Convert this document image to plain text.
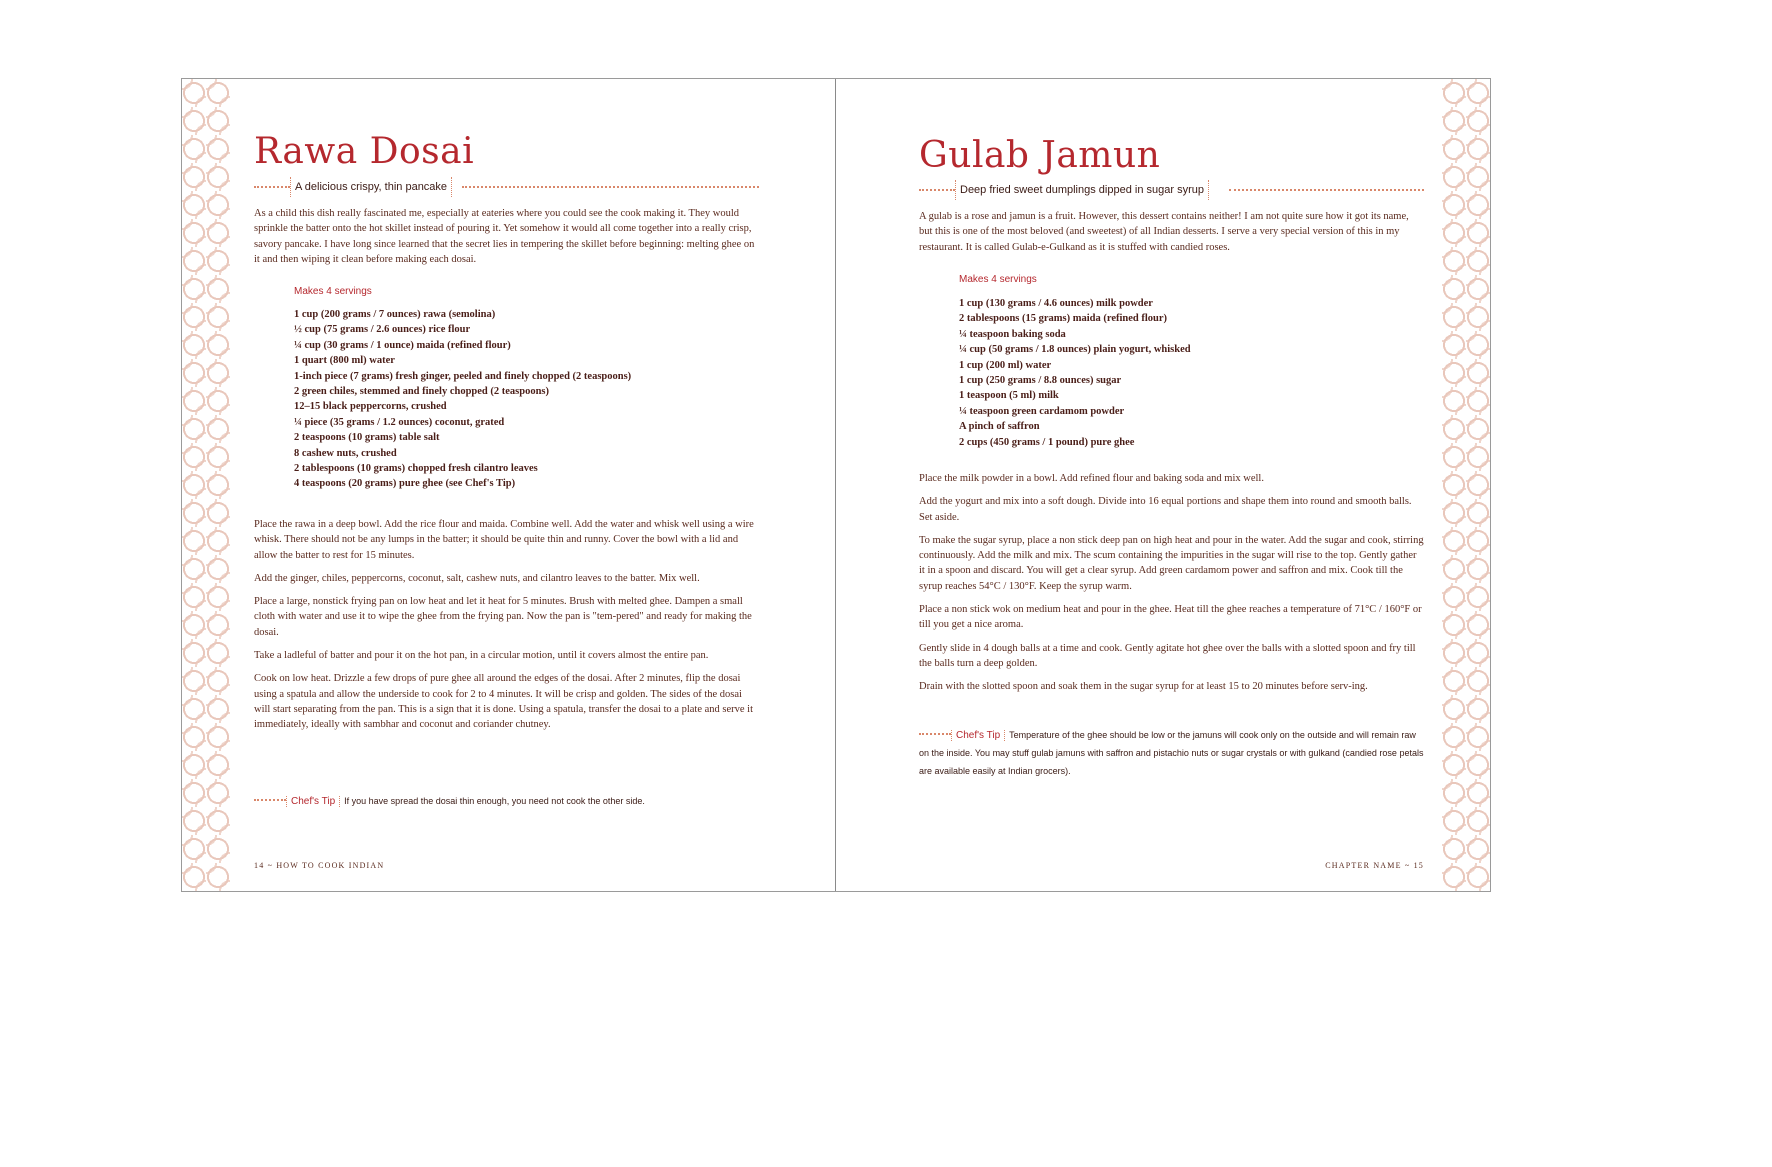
Rawa Dosai
A delicious crispy, thin pancake

As a child this dish really fascinated me, especially at eateries where you could see the cook making it. They would sprinkle the batter onto the hot skillet instead of pouring it. Yet somehow it would all come together into a really crisp, savory pancake. I have long since learned that the secret lies in tempering the skillet before beginning: melting ghee on it and then wiping it clean before making each dosai.

Makes 4 servings
1 cup (200 grams / 7 ounces) rawa (semolina)
½ cup (75 grams / 2.6 ounces) rice flour
¼ cup (30 grams / 1 ounce) maida (refined flour)
1 quart (800 ml) water
1-inch piece (7 grams) fresh ginger, peeled and finely chopped (2 teaspoons)
2 green chiles, stemmed and finely chopped (2 teaspoons)
12–15 black peppercorns, crushed
¼ piece (35 grams / 1.2 ounces) coconut, grated
2 teaspoons (10 grams) table salt
8 cashew nuts, crushed
2 tablespoons (10 grams) chopped fresh cilantro leaves
4 teaspoons (20 grams) pure ghee (see Chef's Tip)

Place the rawa in a deep bowl. Add the rice flour and maida. Combine well. Add the water and whisk well using a wire whisk. There should not be any lumps in the batter; it should be quite thin and runny. Cover the bowl with a lid and allow the batter to rest for 15 minutes.

Add the ginger, chiles, peppercorns, coconut, salt, cashew nuts, and cilantro leaves to the batter. Mix well.

Place a large, nonstick frying pan on low heat and let it heat for 5 minutes. Brush with melted ghee. Dampen a small cloth with water and use it to wipe the ghee from the frying pan. Now the pan is "tem-pered" and ready for making the dosai.

Take a ladleful of batter and pour it on the hot pan, in a circular motion, until it covers almost the entire pan.

Cook on low heat. Drizzle a few drops of pure ghee all around the edges of the dosai. After 2 minutes, flip the dosai using a spatula and allow the underside to cook for 2 to 4 minutes. It will be crisp and golden. The sides of the dosai will start separating from the pan. This is a sign that it is done. Using a spatula, transfer the dosai to a plate and serve it immediately, ideally with sambhar and coconut and coriander chutney.

Chef's Tip If you have spread the dosai thin enough, you need not cook the other side.
14 ~ HOW TO COOK INDIAN
Gulab Jamun
Deep fried sweet dumplings dipped in sugar syrup

A gulab is a rose and jamun is a fruit. However, this dessert contains neither! I am not quite sure how it got its name, but this is one of the most beloved (and sweetest) of all Indian desserts. I serve a very special version of this in my restaurant. It is called Gulab-e-Gulkand as it is stuffed with candied roses.

Makes 4 servings
1 cup (130 grams / 4.6 ounces) milk powder
2 tablespoons (15 grams) maida (refined flour)
¼ teaspoon baking soda
¼ cup (50 grams / 1.8 ounces) plain yogurt, whisked
1 cup (200 ml) water
1 cup (250 grams / 8.8 ounces) sugar
1 teaspoon (5 ml) milk
¼ teaspoon green cardamom powder
A pinch of saffron
2 cups (450 grams / 1 pound) pure ghee

Place the milk powder in a bowl. Add refined flour and baking soda and mix well.

Add the yogurt and mix into a soft dough. Divide into 16 equal portions and shape them into round and smooth balls. Set aside.

To make the sugar syrup, place a non stick deep pan on high heat and pour in the water. Add the sugar and cook, stirring continuously. Add the milk and mix. The scum containing the impurities in the sugar will rise to the top. Gently gather it in a spoon and discard. You will get a clear syrup. Add green cardamom power and saffron and mix. Cook till the syrup reaches 54°C / 130°F. Keep the syrup warm.

Place a non stick wok on medium heat and pour in the ghee. Heat till the ghee reaches a temperature of 71°C / 160°F or till you get a nice aroma.

Gently slide in 4 dough balls at a time and cook. Gently agitate hot ghee over the balls with a slotted spoon and fry till the balls turn a deep golden.

Drain with the slotted spoon and soak them in the sugar syrup for at least 15 to 20 minutes before serv-ing.

Chef's Tip Temperature of the ghee should be low or the jamuns will cook only on the outside and will remain raw on the inside. You may stuff gulab jamuns with saffron and pistachio nuts or sugar crystals or with gulkand (candied rose petals are available easily at Indian grocers).
CHAPTER NAME ~ 15
